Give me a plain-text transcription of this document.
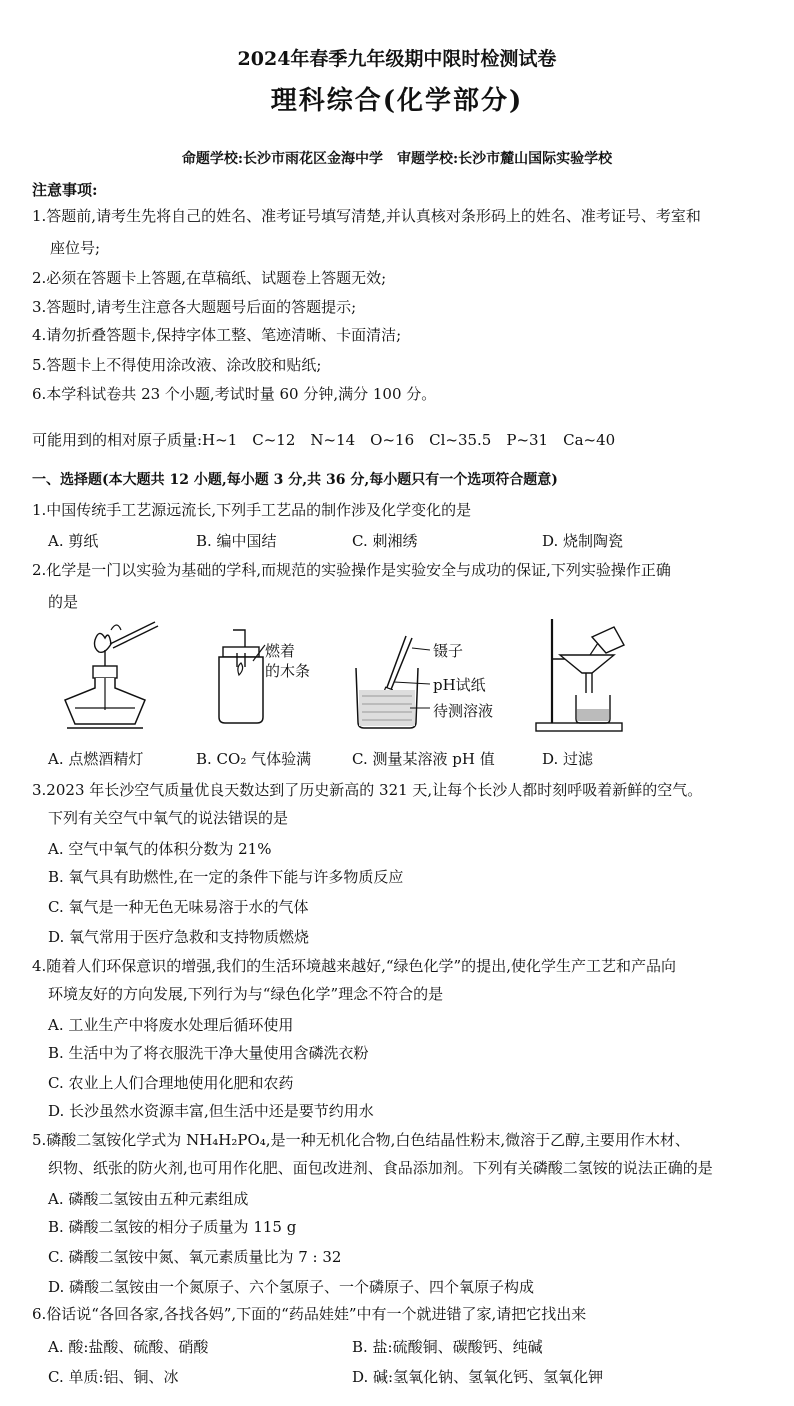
2024年春季九年级期中限时检测试卷
理科综合(化学部分)
命题学校:长沙市雨花区金海中学　审题学校:长沙市麓山国际实验学校
注意事项:
1.答题前,请考生先将自己的姓名、准考证号填写清楚,并认真核对条形码上的姓名、准考证号、考室和
座位号;
2.必须在答题卡上答题,在草稿纸、试题卷上答题无效;
3.答题时,请考生注意各大题题号后面的答题提示;
4.请勿折叠答题卡,保持字体工整、笔迹清晰、卡面清洁;
5.答题卡上不得使用涂改液、涂改胶和贴纸;
6.本学科试卷共 23 个小题,考试时量 60 分钟,满分 100 分。
可能用到的相对原子质量:H~1　C~12　N~14　O~16　Cl~35.5　P~31　Ca~40
一、选择题(本大题共 12 小题,每小题 3 分,共 36 分,每小题只有一个选项符合题意)
1.中国传统手工艺源远流长,下列手工艺品的制作涉及化学变化的是
A. 剪纸	B. 编中国结	C. 刺湘绣	D. 烧制陶瓷
2.化学是一门以实验为基础的学科,而规范的实验操作是实验安全与成功的保证,下列实验操作正确
的是
燃着
的木条
镊子
pH试纸
待测溶液
A. 点燃酒精灯	B. CO₂ 气体验满	C. 测量某溶液 pH 值	D. 过滤
3.2023 年长沙空气质量优良天数达到了历史新高的 321 天,让每个长沙人都时刻呼吸着新鲜的空气。
下列有关空气中氧气的说法错误的是
A. 空气中氧气的体积分数为 21%
B. 氧气具有助燃性,在一定的条件下能与许多物质反应
C. 氧气是一种无色无味易溶于水的气体
D. 氧气常用于医疗急救和支持物质燃烧
4.随着人们环保意识的增强,我们的生活环境越来越好,“绿色化学”的提出,使化学生产工艺和产品向
环境友好的方向发展,下列行为与“绿色化学”理念不符合的是
A. 工业生产中将废水处理后循环使用
B. 生活中为了将衣服洗干净大量使用含磷洗衣粉
C. 农业上人们合理地使用化肥和农药
D. 长沙虽然水资源丰富,但生活中还是要节约用水
5.磷酸二氢铵化学式为 NH₄H₂PO₄,是一种无机化合物,白色结晶性粉末,微溶于乙醇,主要用作木材、
织物、纸张的防火剂,也可用作化肥、面包改进剂、食品添加剂。下列有关磷酸二氢铵的说法正确的是
A. 磷酸二氢铵由五种元素组成
B. 磷酸二氢铵的相分子质量为 115 g
C. 磷酸二氢铵中氮、氧元素质量比为 7 : 32
D. 磷酸二氢铵由一个氮原子、六个氢原子、一个磷原子、四个氧原子构成
6.俗话说“各回各家,各找各妈”,下面的“药品娃娃”中有一个就进错了家,请把它找出来
A. 酸:盐酸、硫酸、硝酸	B. 盐:硫酸铜、碳酸钙、纯碱
C. 单质:铝、铜、冰	D. 碱:氢氧化钠、氢氧化钙、氢氧化钾
